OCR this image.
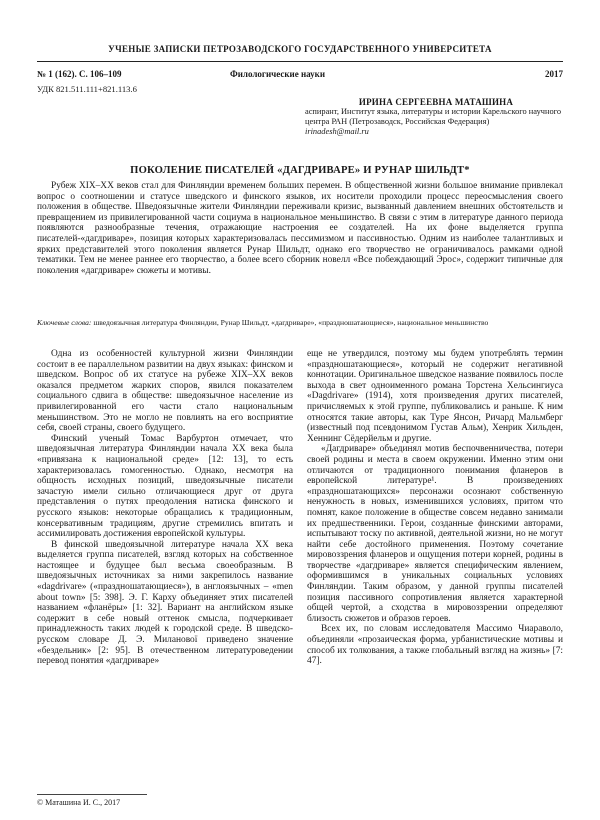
УЧЕНЫЕ ЗАПИСКИ ПЕТРОЗАВОДСКОГО ГОСУДАРСТВЕННОГО УНИВЕРСИТЕТА
№ 1 (162). С. 106–109	Филологические науки	2017
УДК 821.511.111+821.113.6
ИРИНА СЕРГЕЕВНА МАТАШИНА
аспирант, Институт языка, литературы и истории Карельского научного центра РАН (Петрозаводск, Российская Федерация)
irinadesh@mail.ru
ПОКОЛЕНИЕ ПИСАТЕЛЕЙ «ДАГДРИВАРЕ» И РУНАР ШИЛЬДТ*
Рубеж XIX–XX веков стал для Финляндии временем больших перемен. В общественной жизни большое внимание привлекал вопрос о соотношении и статусе шведского и финского языков, их носители проходили процесс переосмысления своего положения в обществе. Шведоязычные жители Финляндии переживали кризис, вызванный давлением внешних обстоятельств и превращением из привилегированной части социума в национальное меньшинство. В связи с этим в литературе данного периода появляются разнообразные течения, отражающие настроения ее создателей. На их фоне выделяется группа писателей-«дагдриваре», позиция которых характеризовалась пессимизмом и пассивностью. Одним из наиболее талантливых и ярких представителей этого поколения является Рунар Шильдт, однако его творчество не ограничивалось рамками одной тематики. Тем не менее раннее его творчество, а более всего сборник новелл «Все побеждающий Эрос», содержит типичные для поколения «дагдриваре» сюжеты и мотивы.
Ключевые слова: шведоязычная литература Финляндии, Рунар Шильдт, «дагдриваре», «праздношатающиеся», национальное меньшинство

Одна из особенностей культурной жизни Финляндии состоит в ее параллельном развитии на двух языках: финском и шведском. Вопрос об их статусе на рубеже XIX–XX веков оказался предметом жарких споров, явился показателем социального сдвига в обществе: шведоязычное население из привилегированной его части стало национальным меньшинством. Это не могло не повлиять на его восприятие себя, своей страны, своего будущего.

Финский ученый Томас Варбуртон отмечает, что шведоязычная литература Финляндии начала XX века была «привязана к национальной среде» [12: 13], то есть характеризовалась гомогенностью. Однако, несмотря на общность исходных позиций, шведоязычные писатели зачастую имели сильно отличающиеся друг от друга представления о путях преодоления натиска финского и русского языков: некоторые обращались к традиционным, консервативным традициям, другие стремились впитать и ассимилировать достижения европейской культуры.

В финской шведоязычной литературе начала XX века выделяется группа писателей, взгляд которых на собственное настоящее и будущее был весьма своеобразным. В шведоязычных источниках за ними закрепилось название «dagdrivare» («праздношатающиеся»), в англоязычных – «men about town» [5: 398]. Э. Г. Карху объединяет этих писателей названием «фланёры» [1: 32]. Вариант на английском языке содержит в себе новый оттенок смысла, подчеркивает принадлежность таких людей к городской среде. В шведско-русском словаре Д. Э. Миланової приведено значение «бездельник» [2: 95]. В отечественном литературоведении перевод понятия «дагдриваре»

еще не утвердился, поэтому мы будем употреблять термин «праздношатающиеся», который не содержит негативной коннотации. Оригинальное шведское название появилось после выхода в свет одноименного романа Торстена Хельсингиуса «Dagdrivare» (1914), хотя произведения других писателей, причисляемых к этой группе, публиковались и раньше. К ним относятся такие авторы, как Туре Янсон, Ричард Мальмберг (известный под псевдонимом Густав Альм), Хенрик Хильден, Хеннинг Сёдерйельм и другие.

«Дагдриваре» объединял мотив беспочвенничества, потери своей родины и места в своем окружении. Именно этим они отличаются от традиционного понимания фланеров в европейской литературе¹. В произведениях «праздношатающихся» персонажи осознают собственную ненужность в новых, изменившихся условиях, притом что помнят, какое положение в обществе совсем недавно занимали их предшественники. Герои, созданные финскими авторами, испытывают тоску по активной, деятельной жизни, но не могут найти себе достойного применения. Поэтому сочетание мировоззрения фланеров и ощущения потери корней, родины в творчестве «дагдриваре» является специфическим явлением, оформившимся в уникальных социальных условиях Финляндии. Таким образом, у данной группы писателей позиция пассивного сопротивления является характерной общей чертой, а сходства в мировоззрении определяют близость сюжетов и образов героев.

Всех их, по словам исследователя Массимо Чиараволо, объединяли «прозаическая форма, урбанистические мотивы и способ их толкования, а также глобальный взгляд на жизнь» [7: 47].

© Маташина И. С., 2017
